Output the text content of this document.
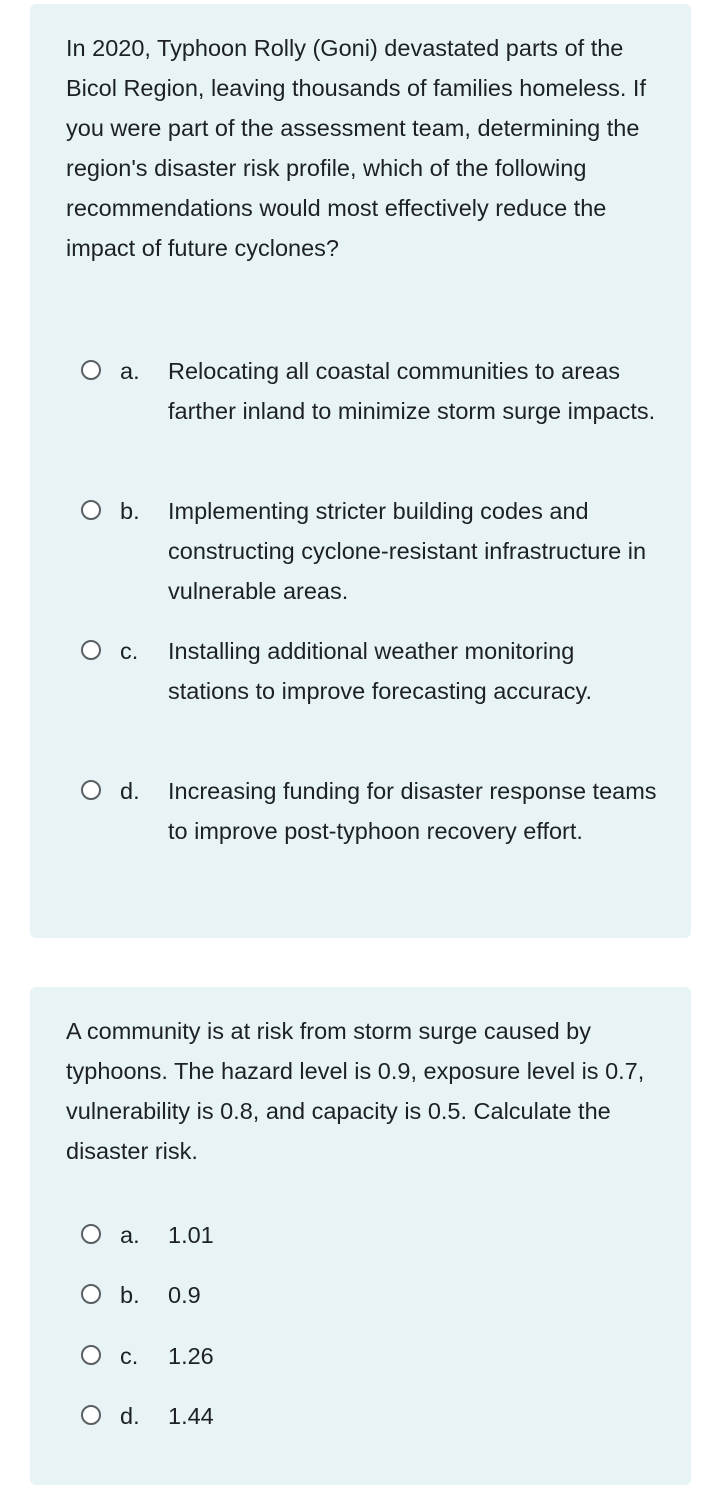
In 2020, Typhoon Rolly (Goni) devastated parts of the Bicol Region, leaving thousands of families homeless. If you were part of the assessment team, determining the region's disaster risk profile, which of the following recommendations would most effectively reduce the impact of future cyclones?

a. Relocating all coastal communities to areas farther inland to minimize storm surge impacts.
b. Implementing stricter building codes and constructing cyclone-resistant infrastructure in vulnerable areas.
c. Installing additional weather monitoring stations to improve forecasting accuracy.
d. Increasing funding for disaster response teams to improve post-typhoon recovery effort.

A community is at risk from storm surge caused by typhoons. The hazard level is 0.9, exposure level is 0.7, vulnerability is 0.8, and capacity is 0.5. Calculate the disaster risk.

a. 1.01
b. 0.9
c. 1.26
d. 1.44
